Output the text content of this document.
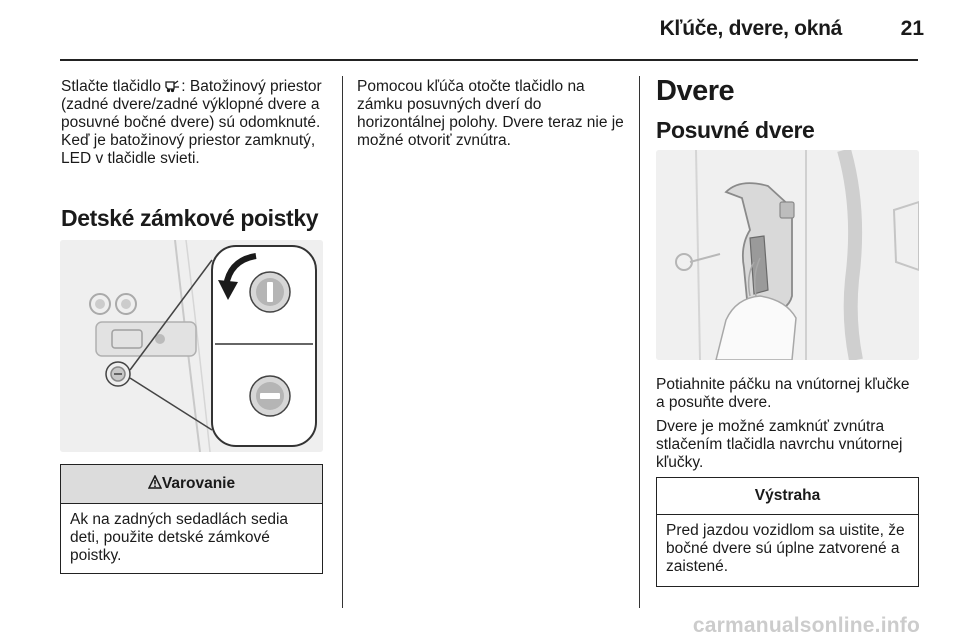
Kľúče, dvere, okná	21

Stlačte tlačidlo : Batožinový priestor (zadné dvere/zadné výklopné dvere a posuvné bočné dvere) sú odomknuté. Keď je batožinový priestor zamknutý, LED v tlačidle svieti.

Detské zámkové poistky
Varovanie
Ak na zadných sedadlách sedia deti, použite detské zámkové poistky.

Pomocou kľúča otočte tlačidlo na zámku posuvných dverí do horizontálnej polohy. Dvere teraz nie je možné otvoriť zvnútra.

Dvere
Posuvné dvere

Potiahnite páčku na vnútornej kľučke a posuňte dvere.

Dvere je možné zamknúť zvnútra stlačením tlačidla navrchu vnútornej kľučky.

Výstraha
Pred jazdou vozidlom sa uistite, že bočné dvere sú úplne zatvorené a zaistené.
carmanualsonline.info
